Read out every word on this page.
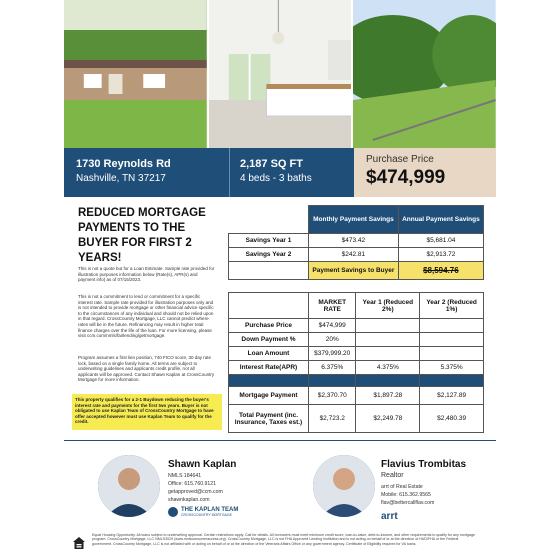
1730 Reynolds Rd
Nashville, TN 37217
2,187 SQ FT
4 beds - 3 baths
Purchase Price
$474,999
REDUCED MORTGAGE PAYMENTS TO THE BUYER FOR FIRST 2 YEARS!
This is not a quote but for a Loan Estimate. Sample rate provided for illustration purposes information below (Rate(s), APR(s) and payment info) as of 07/15/2023.
This is not a commitment to lend or commitment for a specific interest rate. Sample rate provided for illustration purposes only and is not intended to provide mortgage or other financial advice specific to the circumstances of any individual and should not be relied upon in that regard. CrossCountry Mortgage, LLC cannot predict where rates will be in the future. Refinancing may result in higher total finance charges over the life of the loan. For more licensing, please visit ccm.com/nmls/fairlending/getmortgage.
Program assumes a first lien position, 740 FICO score, 30 day rate lock, based on a single family home. All terms are subject to underwriting guidelines and applicants credit profile, not all applicants will be approved. Contact Shawn Kaplan at CrossCountry Mortgage for more information.
This property qualifies for a 2-1 Buydown reducing the buyer's interest rate and payments for the first two years. Buyer is not obligated to use Kaplan Team of CrossCountry Mortgage to have offer accepted however must use Kaplan Team to qualify for the credit.
	Monthly Payment Savings	Annual Payment Savings
Savings Year 1	$473.42	$5,681.04
Savings Year 2	$242.81	$2,913.72
	Payment Savings to Buyer	$8,594.76
	MARKET RATE	Year 1 (Reduced 2%)	Year 2 (Reduced 1%)
Purchase Price	$474,999		
Down Payment %	20%		
Loan Amount	$379,999.20		
Interest Rate(APR)	6.375%	4.375%	5.375%

Mortgage Payment	$2,370.70	$1,897.28	$2,127.89
Total Payment (inc. Insurance, Taxes est.)	$2,723.2	$2,249.78	$2,480.39
Shawn Kaplan
NMLS 184641
Office: 615.760.9121
getapproved@ccm.com
shawnkaplan.com
THE KAPLAN TEAM
CROSSCOUNTRY MORTGAGE
Flavius Trombitas
Realtor
arrt of Real Estate
Mobile: 615.362.9565
flav@bettercallflav.com
arrt
Equal Housing Opportunity. All loans subject to underwriting approval. Certain restrictions apply. Call for details. All borrowers must meet minimum credit score, loan-to-value, debt-to-income, and other requirements to qualify for any mortgage program. CrossCountry Mortgage, LLC NMLS3029 (www.nmlsconsumeraccess.org). CrossCountry Mortgage, LLC is not FHA Approved Lending Institution and is not acting on behalf of or at the direction of HUD/FHA or the Federal government. CrossCountry Mortgage, LLC is not affiliated with or acting on behalf of or at the direction of the Veterans Affairs Office or any government agency. Certificate of Eligibility required for VA loans.
